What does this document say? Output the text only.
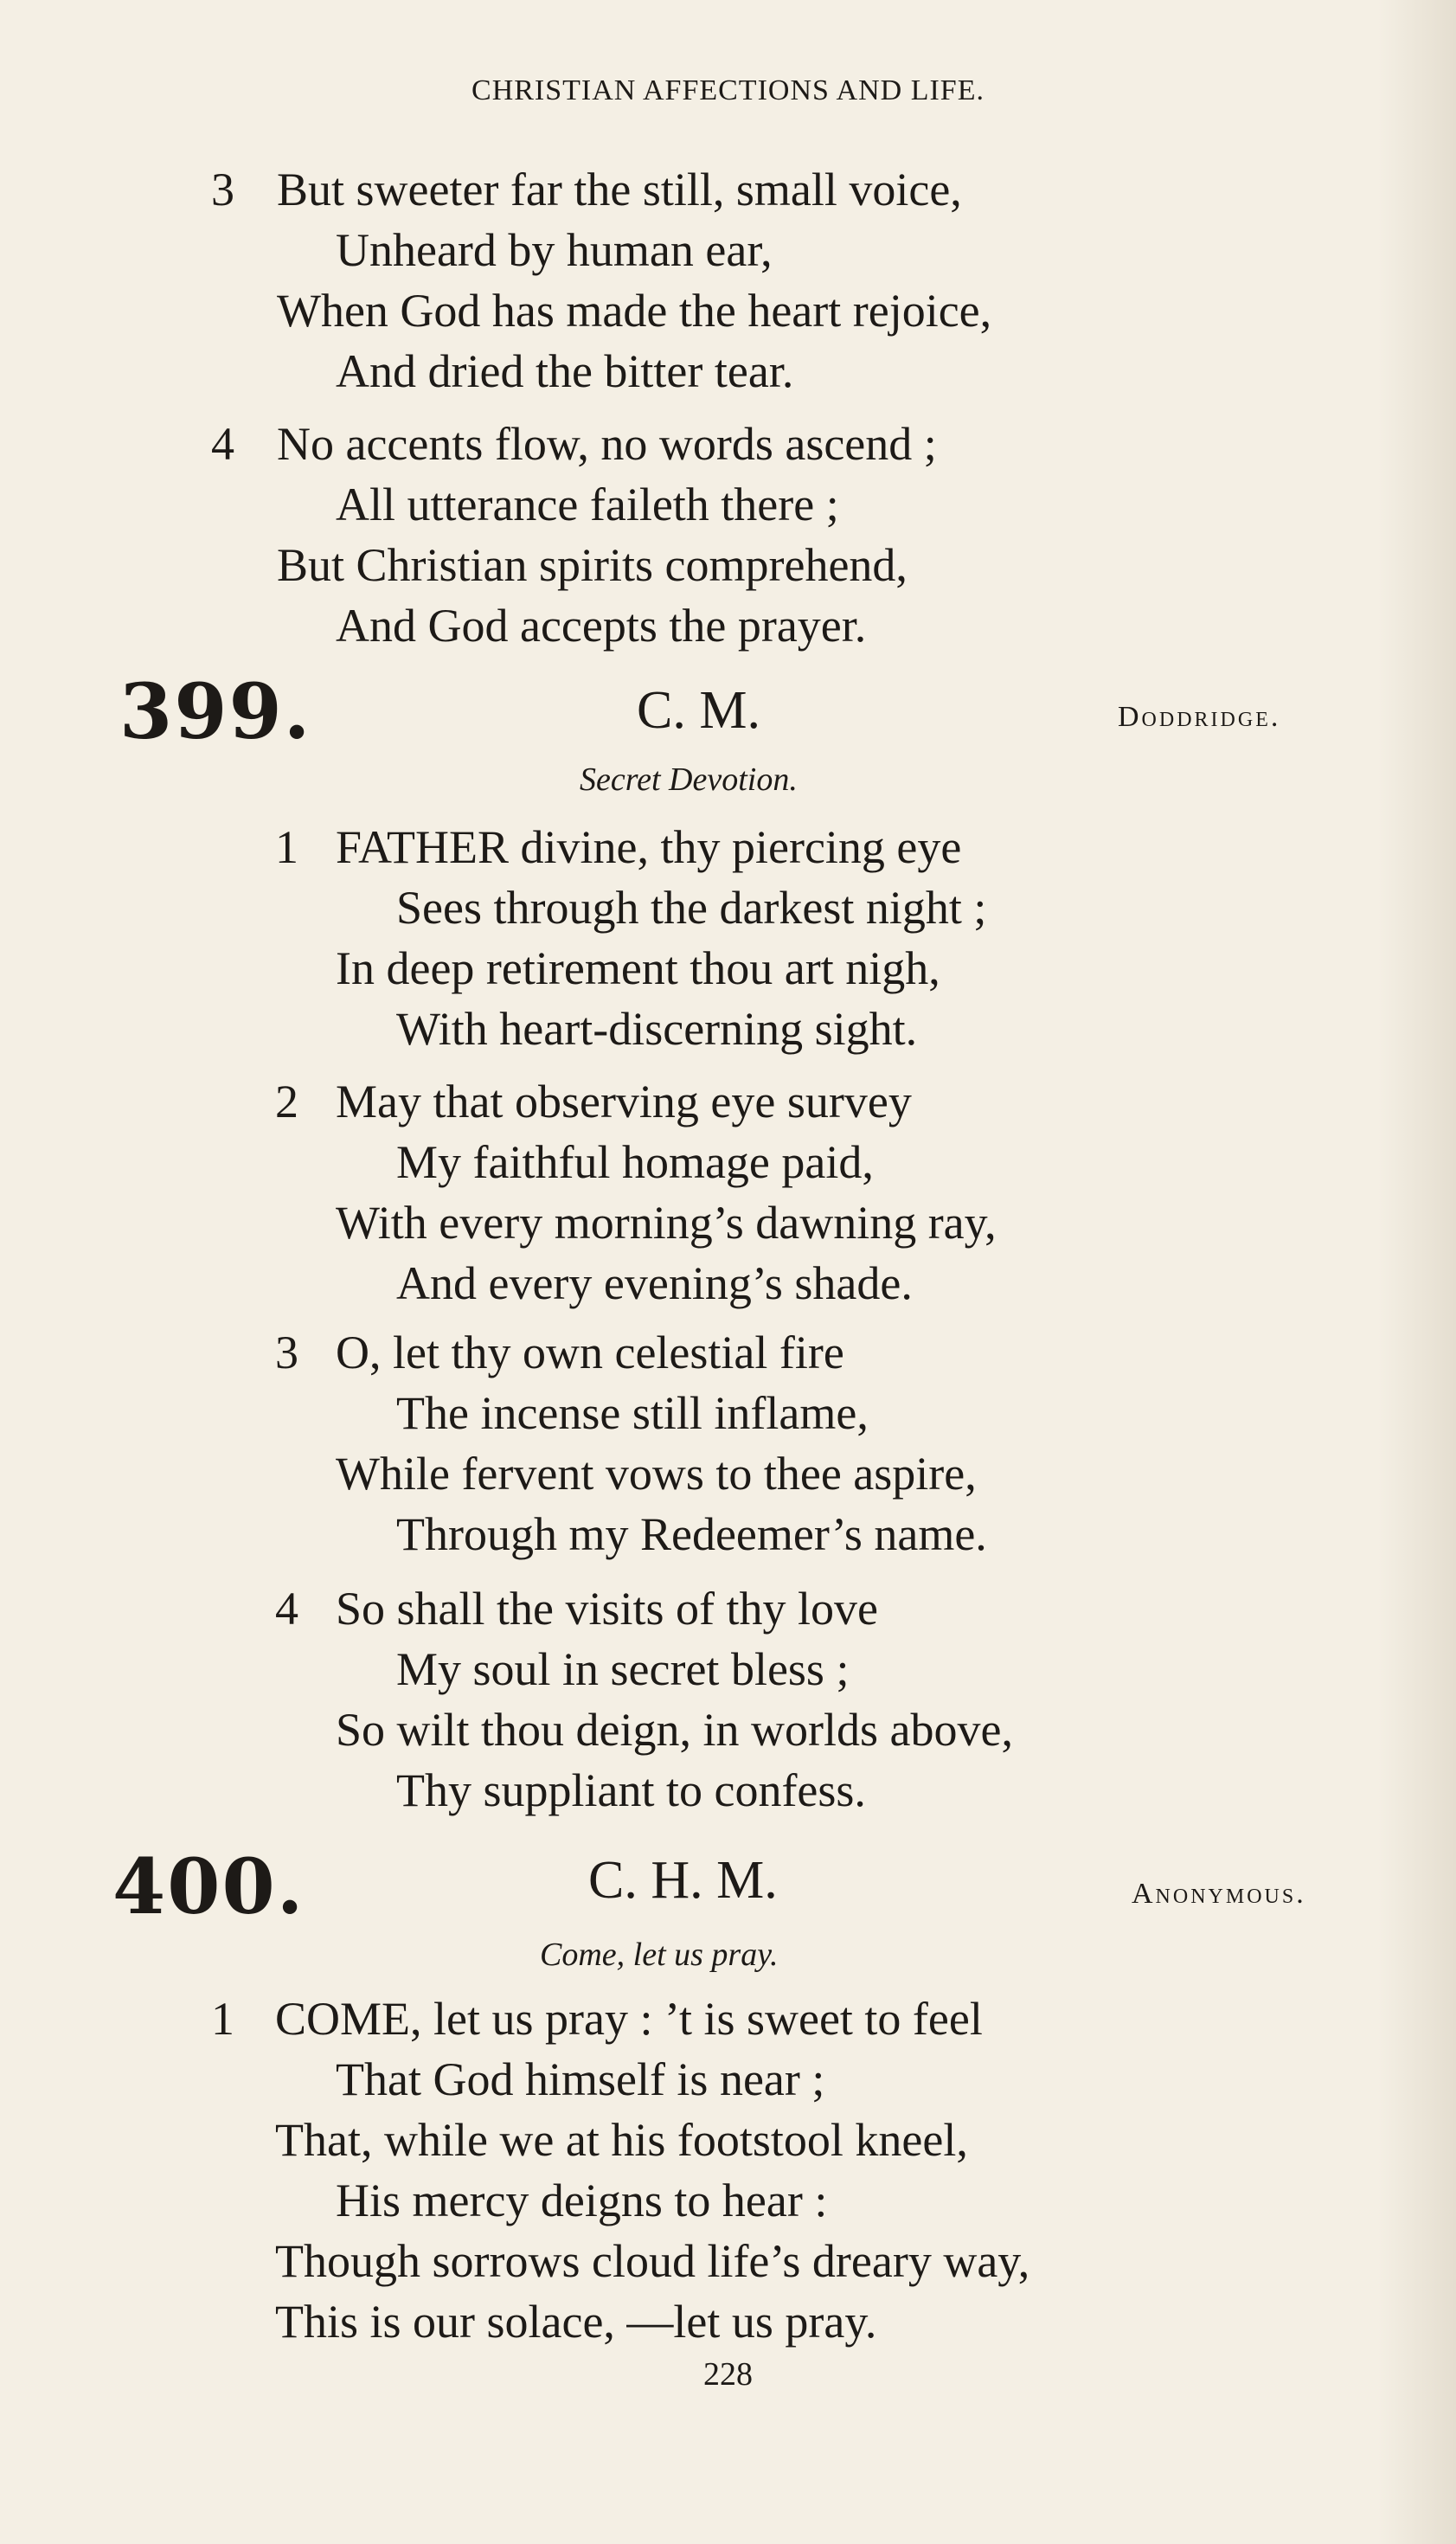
CHRISTIAN AFFECTIONS AND LIFE.
3 But sweeter far the still, small voice,
Unheard by human ear,
When God has made the heart rejoice,
And dried the bitter tear.
4 No accents flow, no words ascend ;
All utterance faileth there ;
But Christian spirits comprehend,
And God accepts the prayer.
399.	C. M.	Doddridge.
Secret Devotion.
1 FATHER divine, thy piercing eye
Sees through the darkest night ;
In deep retirement thou art nigh,
With heart-discerning sight.
2 May that observing eye survey
My faithful homage paid,
With every morning’s dawning ray,
And every evening’s shade.
3 O, let thy own celestial fire
The incense still inflame,
While fervent vows to thee aspire,
Through my Redeemer’s name.
4 So shall the visits of thy love
My soul in secret bless ;
So wilt thou deign, in worlds above,
Thy suppliant to confess.
400.	C. H. M.	Anonymous.
Come, let us pray.
1 COME, let us pray : ’t is sweet to feel
That God himself is near ;
That, while we at his footstool kneel,
His mercy deigns to hear :
Though sorrows cloud life’s dreary way,
This is our solace, —let us pray.
228
